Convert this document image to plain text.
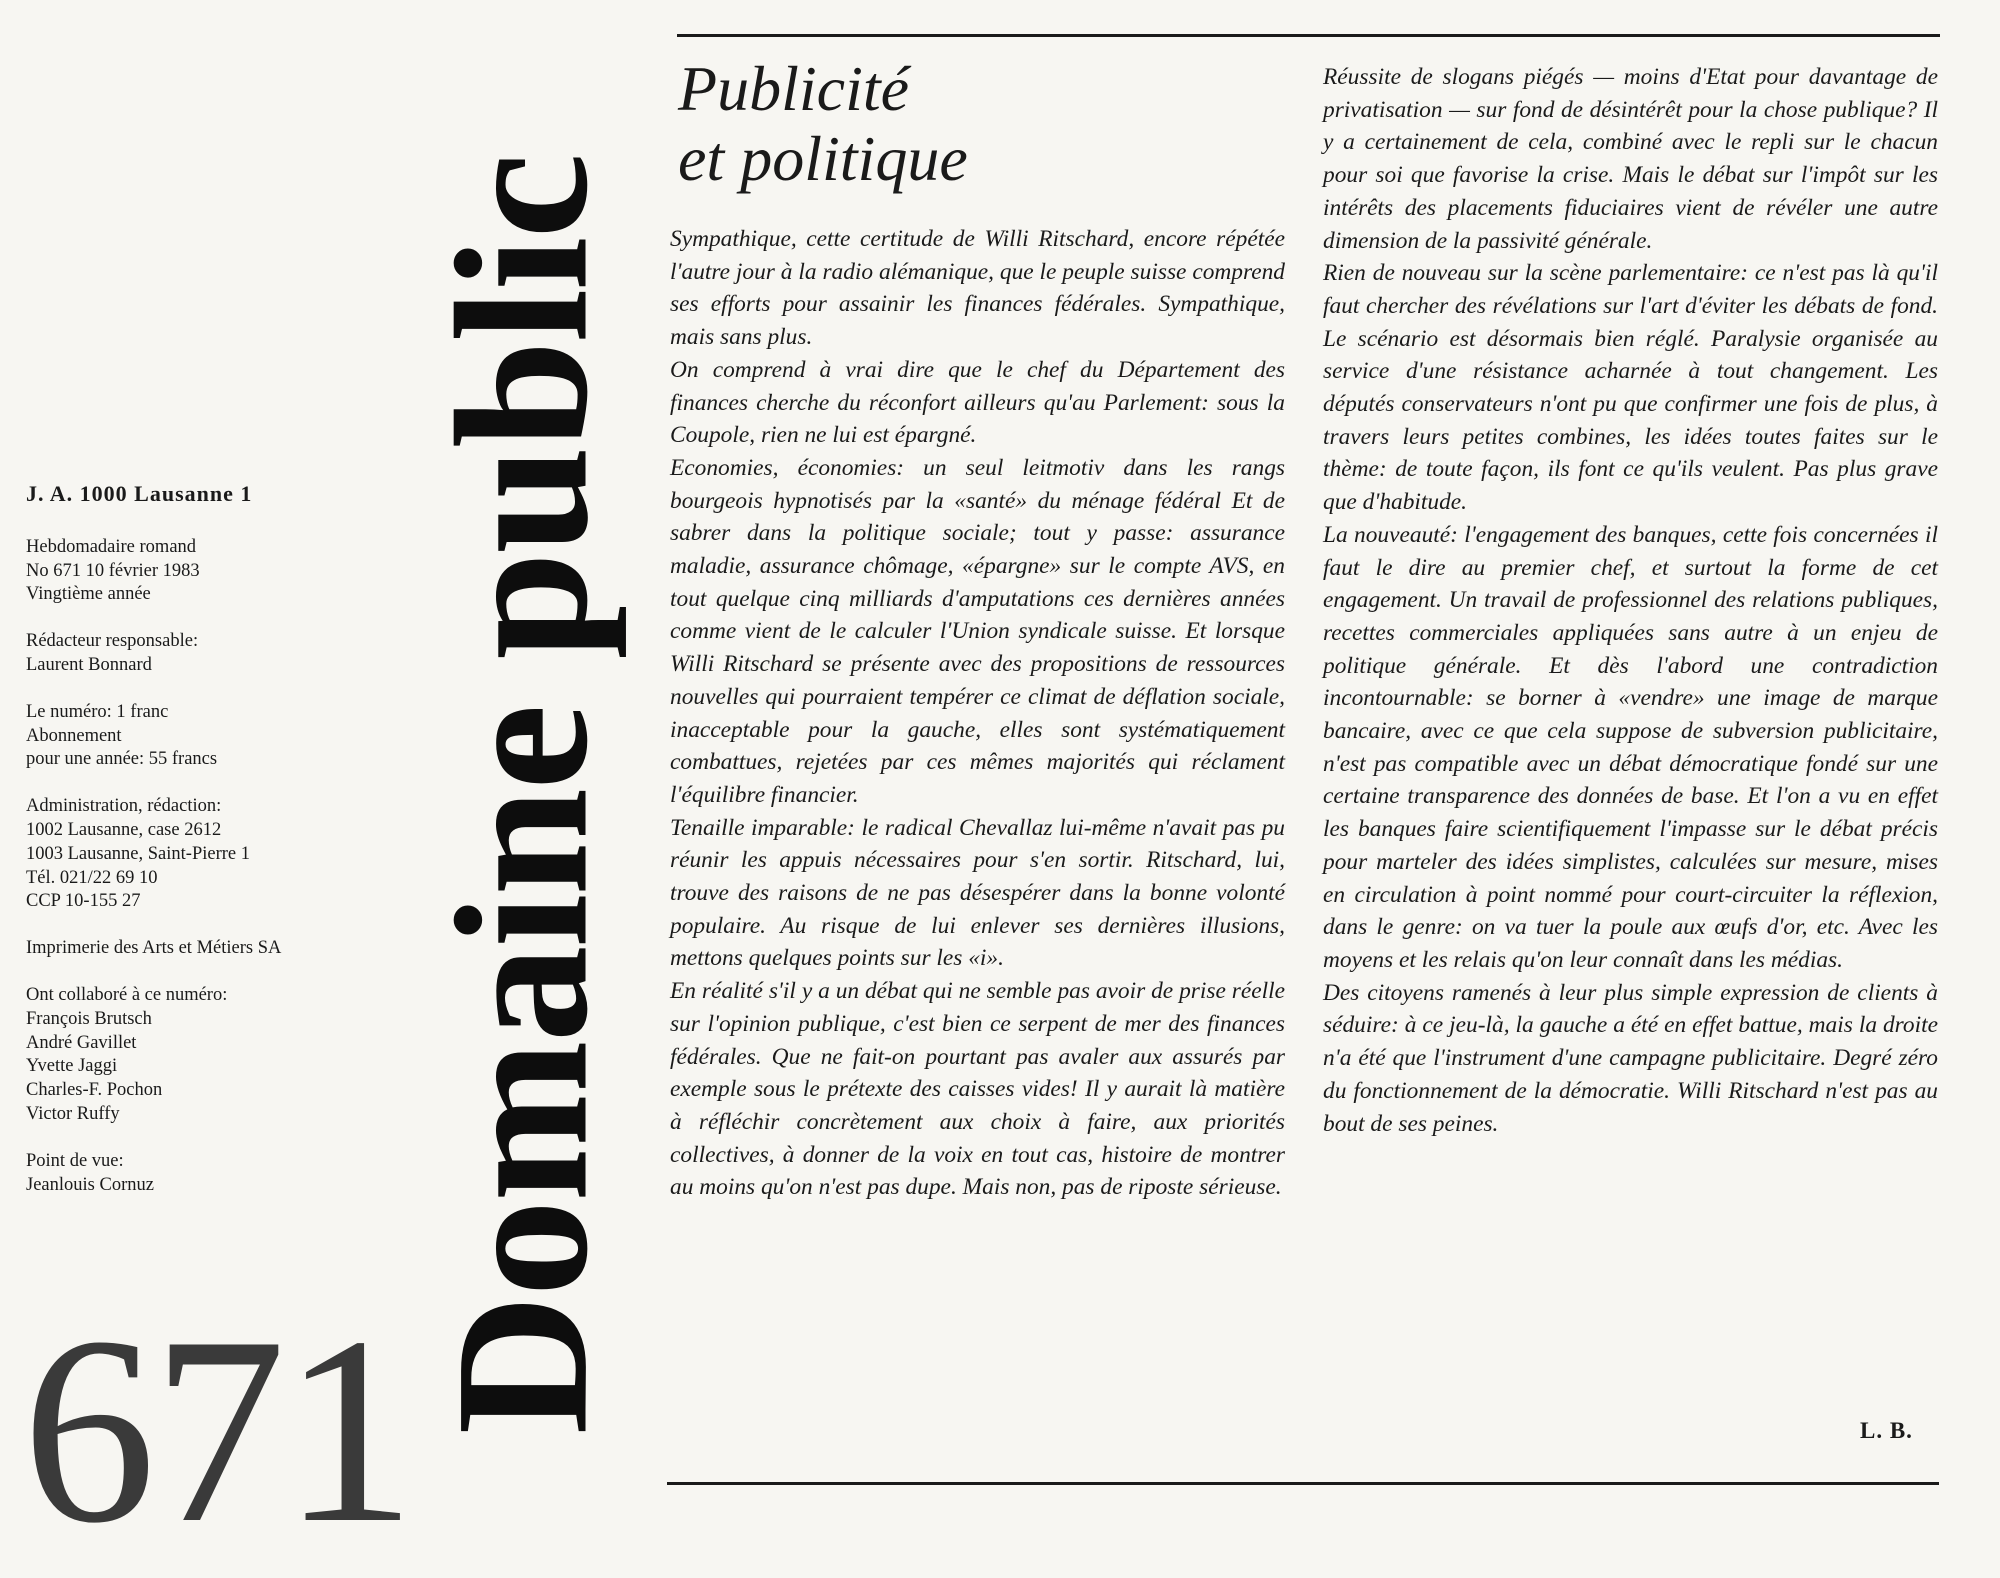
J. A. 1000 Lausanne 1

Hebdomadaire romand
No 671 10 février 1983
Vingtième année

Rédacteur responsable:
Laurent Bonnard

Le numéro: 1 franc
Abonnement
pour une année: 55 francs

Administration, rédaction:
1002 Lausanne, case 2612
1003 Lausanne, Saint-Pierre 1
Tél. 021/22 69 10
CCP 10-155 27

Imprimerie des Arts et Métiers SA

Ont collaboré à ce numéro:
François Brutsch
André Gavillet
Yvette Jaggi
Charles-F. Pochon
Victor Ruffy

Point de vue:
Jeanlouis Cornuz

671 Domaine public
Publicité
et politique

Sympathique, cette certitude de Willi Ritschard, encore répétée l'autre jour à la radio alémanique, que le peuple suisse comprend ses efforts pour assainir les finances fédérales. Sympathique, mais sans plus.

On comprend à vrai dire que le chef du Département des finances cherche du réconfort ailleurs qu'au Parlement: sous la Coupole, rien ne lui est épargné.

Economies, économies: un seul leitmotiv dans les rangs bourgeois hypnotisés par la «santé» du ménage fédéral Et de sabrer dans la politique sociale; tout y passe: assurance maladie, assurance chômage, «épargne» sur le compte AVS, en tout quelque cinq milliards d'amputations ces dernières années comme vient de le calculer l'Union syndicale suisse. Et lorsque Willi Ritschard se présente avec des propositions de ressources nouvelles qui pourraient tempérer ce climat de déflation sociale, inacceptable pour la gauche, elles sont systématiquement combattues, rejetées par ces mêmes majorités qui réclament l'équilibre financier.

Tenaille imparable: le radical Chevallaz lui-même n'avait pas pu réunir les appuis nécessaires pour s'en sortir. Ritschard, lui, trouve des raisons de ne pas désespérer dans la bonne volonté populaire. Au risque de lui enlever ses dernières illusions, mettons quelques points sur les «i».

En réalité s'il y a un débat qui ne semble pas avoir de prise réelle sur l'opinion publique, c'est bien ce serpent de mer des finances fédérales. Que ne fait-on pourtant pas avaler aux assurés par exemple sous le prétexte des caisses vides! Il y aurait là matière à réfléchir concrètement aux choix à faire, aux priorités collectives, à donner de la voix en tout cas, histoire de montrer au moins qu'on n'est pas dupe. Mais non, pas de riposte sérieuse.

Réussite de slogans piégés — moins d'Etat pour davantage de privatisation — sur fond de désintérêt pour la chose publique? Il y a certainement de cela, combiné avec le repli sur le chacun pour soi que favorise la crise. Mais le débat sur l'impôt sur les intérêts des placements fiduciaires vient de révéler une autre dimension de la passivité générale.

Rien de nouveau sur la scène parlementaire: ce n'est pas là qu'il faut chercher des révélations sur l'art d'éviter les débats de fond. Le scénario est désormais bien réglé. Paralysie organisée au service d'une résistance acharnée à tout changement. Les députés conservateurs n'ont pu que confirmer une fois de plus, à travers leurs petites combines, les idées toutes faites sur le thème: de toute façon, ils font ce qu'ils veulent. Pas plus grave que d'habitude.

La nouveauté: l'engagement des banques, cette fois concernées il faut le dire au premier chef, et surtout la forme de cet engagement. Un travail de professionnel des relations publiques, recettes commerciales appliquées sans autre à un enjeu de politique générale. Et dès l'abord une contradiction incontournable: se borner à «vendre» une image de marque bancaire, avec ce que cela suppose de subversion publicitaire, n'est pas compatible avec un débat démocratique fondé sur une certaine transparence des données de base. Et l'on a vu en effet les banques faire scientifiquement l'impasse sur le débat précis pour marteler des idées simplistes, calculées sur mesure, mises en circulation à point nommé pour court-circuiter la réflexion, dans le genre: on va tuer la poule aux œufs d'or, etc. Avec les moyens et les relais qu'on leur connaît dans les médias.

Des citoyens ramenés à leur plus simple expression de clients à séduire: à ce jeu-là, la gauche a été en effet battue, mais la droite n'a été que l'instrument d'une campagne publicitaire. Degré zéro du fonctionnement de la démocratie. Willi Ritschard n'est pas au bout de ses peines.

L. B.
